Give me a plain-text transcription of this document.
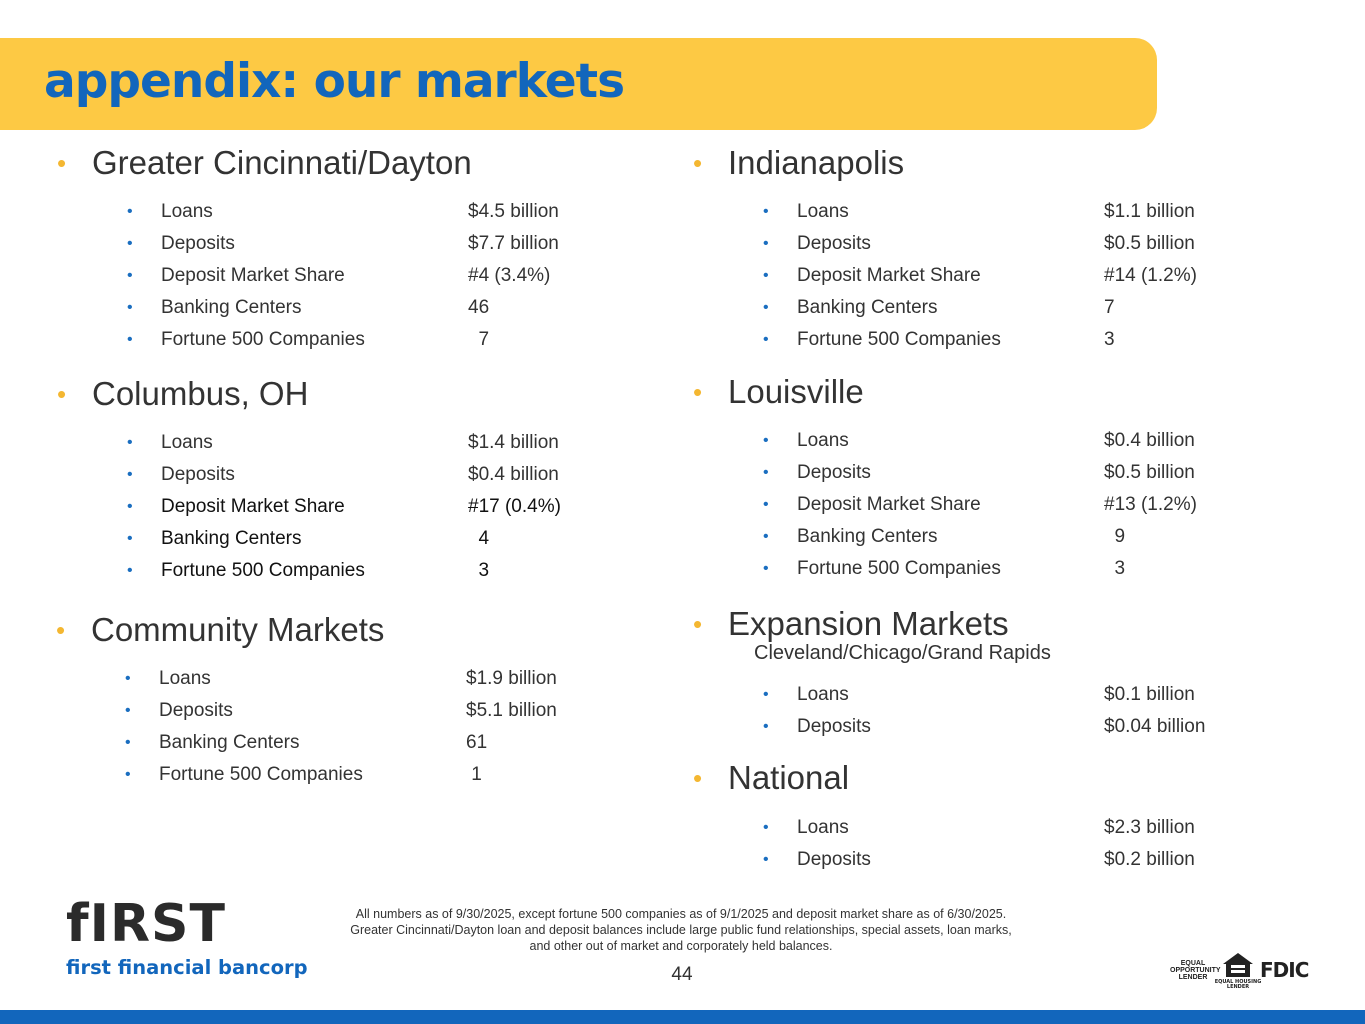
appendix: our markets
• Greater Cincinnati/Dayton
•	Loans	$4.5 billion
•	Deposits	$7.7 billion
•	Deposit Market Share	#4 (3.4%)
•	Banking Centers	46
•	Fortune 500 Companies	7
• Columbus, OH
•	Loans	$1.4 billion
•	Deposits	$0.4 billion
•	Deposit Market Share	#17 (0.4%)
•	Banking Centers	4
•	Fortune 500 Companies	3
• Community Markets
•	Loans	$1.9 billion
•	Deposits	$5.1 billion
•	Banking Centers	61
•	Fortune 500 Companies	1
• Indianapolis
•	Loans	$1.1 billion
•	Deposits	$0.5 billion
•	Deposit Market Share	#14 (1.2%)
•	Banking Centers	7
•	Fortune 500 Companies	3
• Louisville
•	Loans	$0.4 billion
•	Deposits	$0.5 billion
•	Deposit Market Share	#13 (1.2%)
•	Banking Centers	9
•	Fortune 500 Companies	3
• Expansion Markets
Cleveland/Chicago/Grand Rapids
•	Loans	$0.1 billion
•	Deposits	$0.04 billion
• National
•	Loans	$2.3 billion
•	Deposits	$0.2 billion
fIRST
first financial bancorp
All numbers as of 9/30/2025, except fortune 500 companies as of 9/1/2025 and deposit market share as of 6/30/2025.
Greater Cincinnati/Dayton loan and deposit balances include large public fund relationships, special assets, loan marks,
and other out of market and corporately held balances.
44
EQUAL OPPORTUNITY LENDER
EQUAL HOUSING
LENDER
FDIC
